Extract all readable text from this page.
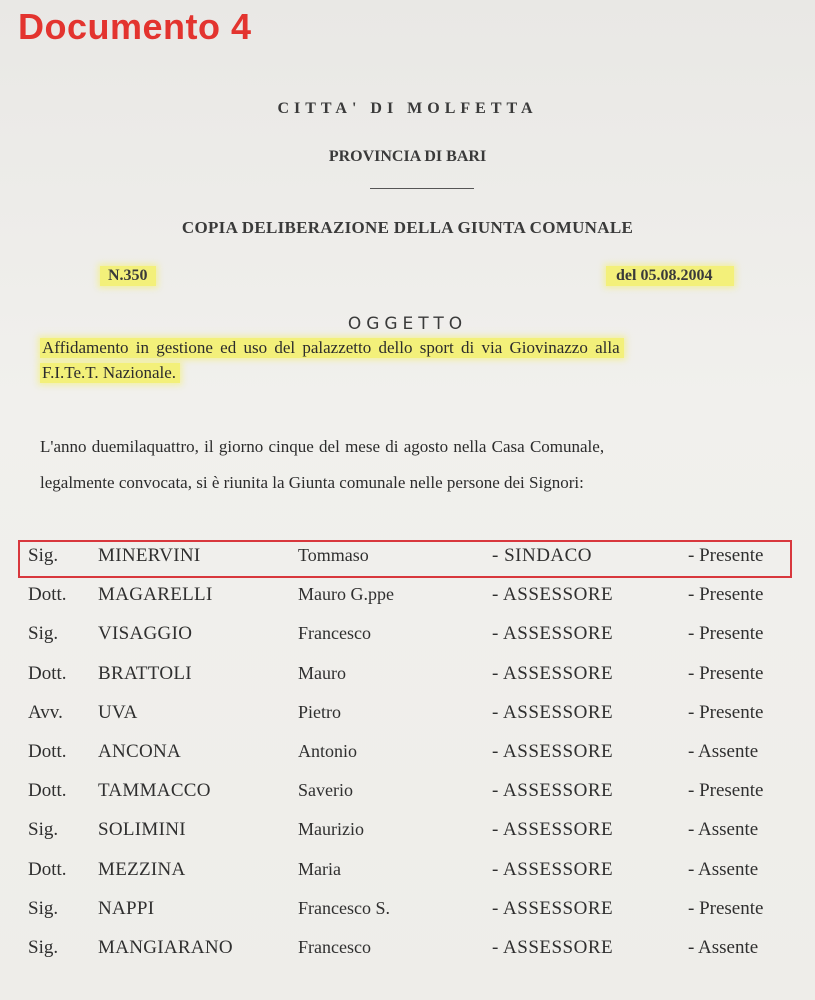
Documento 4
CITTA' DI MOLFETTA
PROVINCIA DI BARI
COPIA DELIBERAZIONE DELLA GIUNTA COMUNALE
N.350	del 05.08.2004
OGGETTO
Affidamento in gestione ed uso del palazzetto dello sport di via Giovinazzo alla
F.I.Te.T. Nazionale.
L'anno duemilaquattro, il giorno cinque del mese di agosto nella Casa Comunale,
legalmente convocata, si è riunita la Giunta comunale nelle persone dei Signori:
Sig. MINERVINI	Tommaso	- SINDACO	- Presente
Dott. MAGARELLI	Mauro G.ppe	- ASSESSORE	- Presente
Sig. VISAGGIO	Francesco	- ASSESSORE	- Presente
Dott. BRATTOLI	Mauro	- ASSESSORE	- Presente
Avv. UVA	Pietro	- ASSESSORE	- Presente
Dott. ANCONA	Antonio	- ASSESSORE	- Assente
Dott. TAMMACCO	Saverio	- ASSESSORE	- Presente
Sig. SOLIMINI	Maurizio	- ASSESSORE	- Assente
Dott. MEZZINA	Maria	- ASSESSORE	- Assente
Sig. NAPPI	Francesco S.	- ASSESSORE	- Presente
Sig. MANGIARANO	Francesco	- ASSESSORE	- Assente
